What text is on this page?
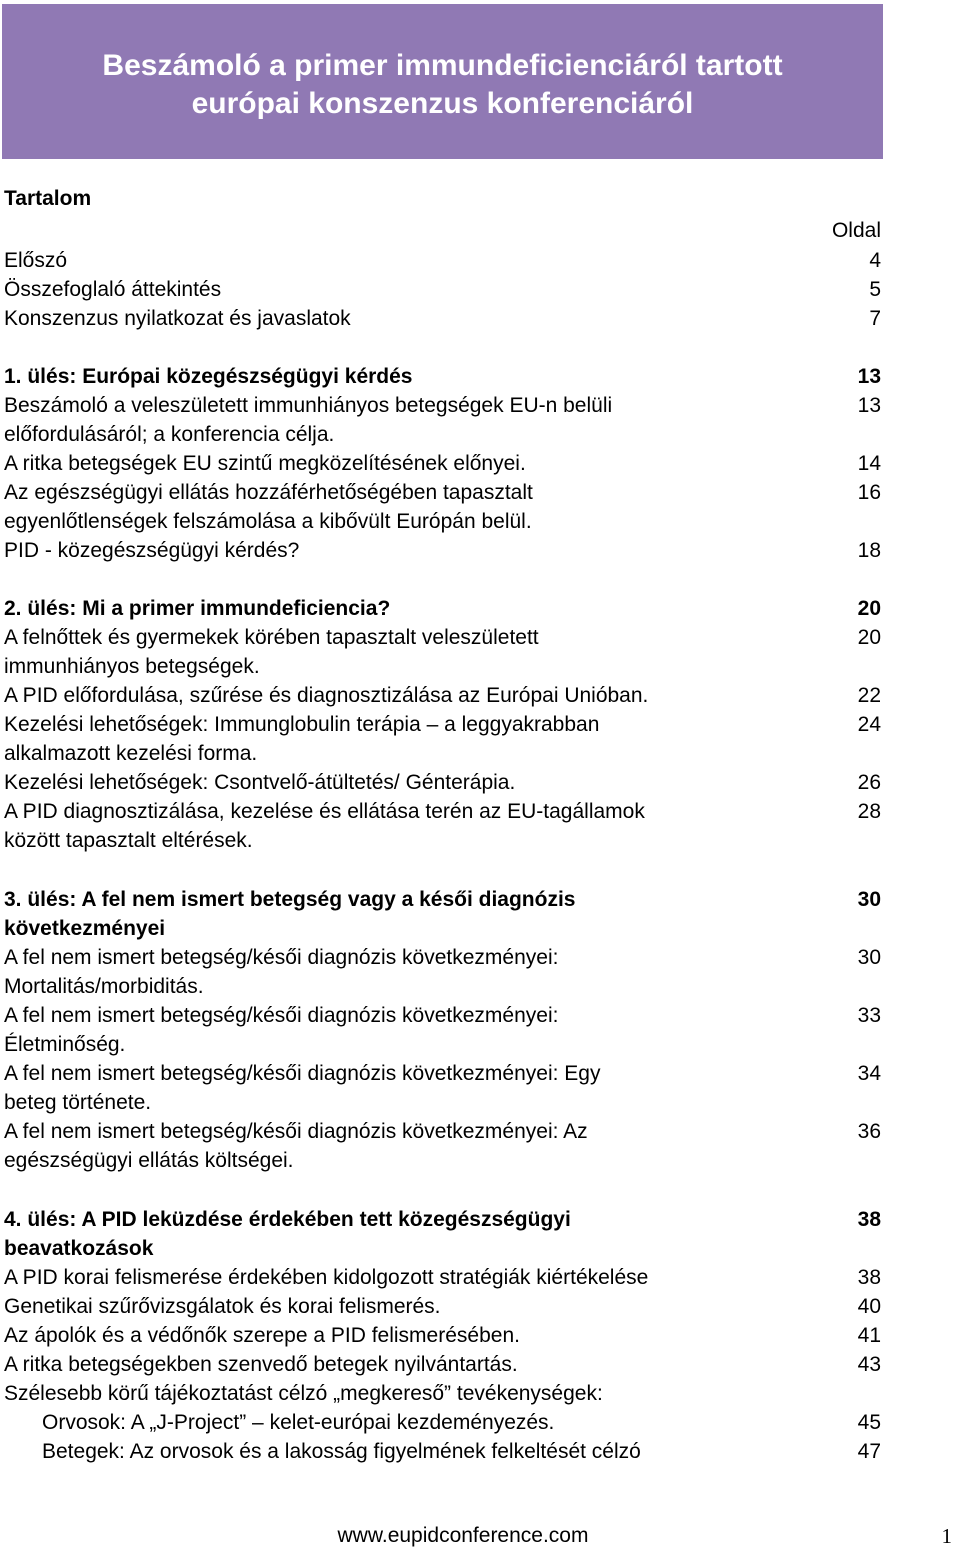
Beszámoló a primer immundeficienciáról tartott
európai konszenzus konferenciáról
Tartalom
Oldal
Előszó	4
Összefoglaló áttekintés	5
Konszenzus nyilatkozat és javaslatok	7
1. ülés: Európai közegészségügyi kérdés	13
Beszámoló a veleszületett immunhiányos betegségek EU-n belüli
előfordulásáról; a konferencia célja.
13
A ritka betegségek EU szintű megközelítésének előnyei.	14
Az egészségügyi ellátás hozzáférhetőségében tapasztalt
egyenlőtlenségek felszámolása a kibővült Európán belül.
16
PID - közegészségügyi kérdés?	18
2. ülés: Mi a primer immundeficiencia?	20
A felnőttek és gyermekek körében tapasztalt veleszületett
immunhiányos betegségek.
20
A PID előfordulása, szűrése és diagnosztizálása az Európai Unióban.	22
Kezelési lehetőségek: Immunglobulin terápia – a leggyakrabban
alkalmazott kezelési forma.
24
Kezelési lehetőségek: Csontvelő-átültetés/ Génterápia.	26
A PID diagnosztizálása, kezelése és ellátása terén az EU-tagállamok
között tapasztalt eltérések.
28
3. ülés: A fel nem ismert betegség vagy a késői diagnózis
következményei
30
A fel nem ismert betegség/késői diagnózis következményei:
Mortalitás/morbiditás.
30
A fel nem ismert betegség/késői diagnózis következményei:
Életminőség.
33
A fel nem ismert betegség/késői diagnózis következményei: Egy
beteg története.
34
A fel nem ismert betegség/késői diagnózis következményei: Az
egészségügyi ellátás költségei.
36
4. ülés: A PID leküzdése érdekében tett közegészségügyi
beavatkozások
38
A PID korai felismerése érdekében kidolgozott stratégiák kiértékelése	38
Genetikai szűrővizsgálatok és korai felismerés.	40
Az ápolók és a védőnők szerepe a PID felismerésében.	41
A ritka betegségekben szenvedő betegek nyilvántartás.	43
Szélesebb körű tájékoztatást célzó „megkereső” tevékenységek:
Orvosok: A „J-Project” – kelet-európai kezdeményezés.	45
Betegek: Az orvosok és a lakosság figyelmének felkeltését célzó	47
www.eupidconference.com	1
